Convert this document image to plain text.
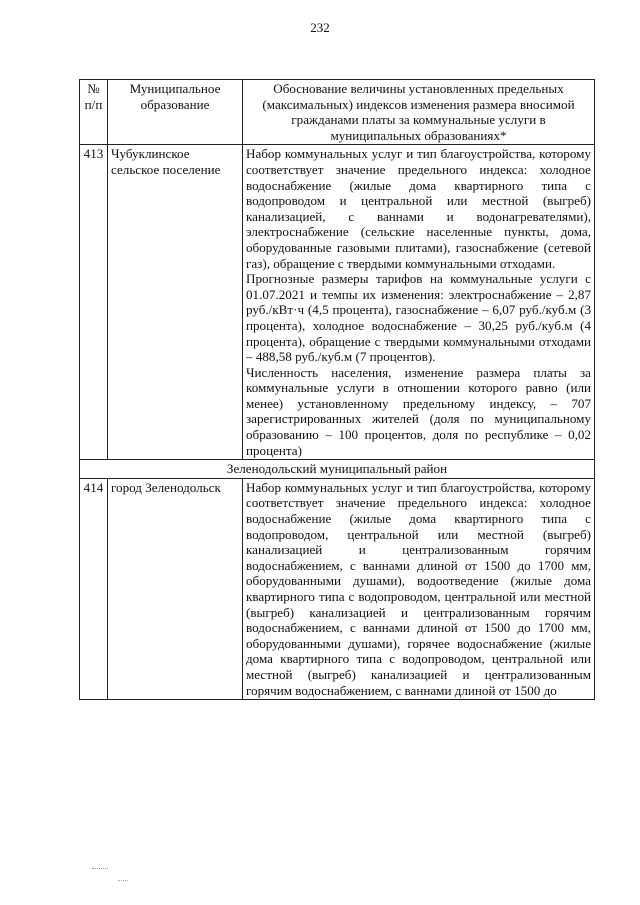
232
№ п/п	Муниципальное образование	Обоснование величины установленных предельных (максимальных) индексов изменения размера вносимой гражданами платы за коммунальные услуги в муниципальных образованиях*
413	Чубуклинское сельское поселение	Набор коммунальных услуг и тип благоустройства, которому соответствует значение предельного индекса: холодное водоснабжение (жилые дома квартирного типа с водопроводом и центральной или местной (выгреб) канализацией, с ваннами и водонагревателями), электроснабжение (сельские населенные пункты, дома, оборудованные газовыми плитами), газоснабжение (сетевой газ), обращение с твердыми коммунальными отходами.

Прогнозные размеры тарифов на коммунальные услуги с 01.07.2021 и темпы их изменения: электроснабжение – 2,87 руб./кВт·ч (4,5 процента), газоснабжение – 6,07 руб./куб.м (3 процента), холодное водоснабжение – 30,25 руб./куб.м (4 процента), обращение с твердыми коммунальными отходами – 488,58 руб./куб.м (7 процентов).

Численность населения, изменение размера платы за коммунальные услуги в отношении которого равно (или менее) установленному предельному индексу, – 707 зарегистрированных жителей (доля по муниципальному образованию – 100 процентов, доля по республике – 0,02 процента)

Зеленодольский муниципальный район		
414	город Зеленодольск	Набор коммунальных услуг и тип благоустройства, которому соответствует значение предельного индекса: холодное водоснабжение (жилые дома квартирного типа с водопроводом, центральной или местной (выгреб) канализацией и централизованным горячим водоснабжением, с ваннами длиной от 1500 до 1700 мм, оборудованными душами), водоотведение (жилые дома квартирного типа с водопроводом, центральной или местной (выгреб) канализацией и централизованным горячим водоснабжением, с ваннами длиной от 1500 до 1700 мм, оборудованными душами), горячее водоснабжение (жилые дома квартирного типа с водопроводом, центральной или местной (выгреб) канализацией и централизованным горячим водоснабжением, с ваннами длиной от 1500 до
